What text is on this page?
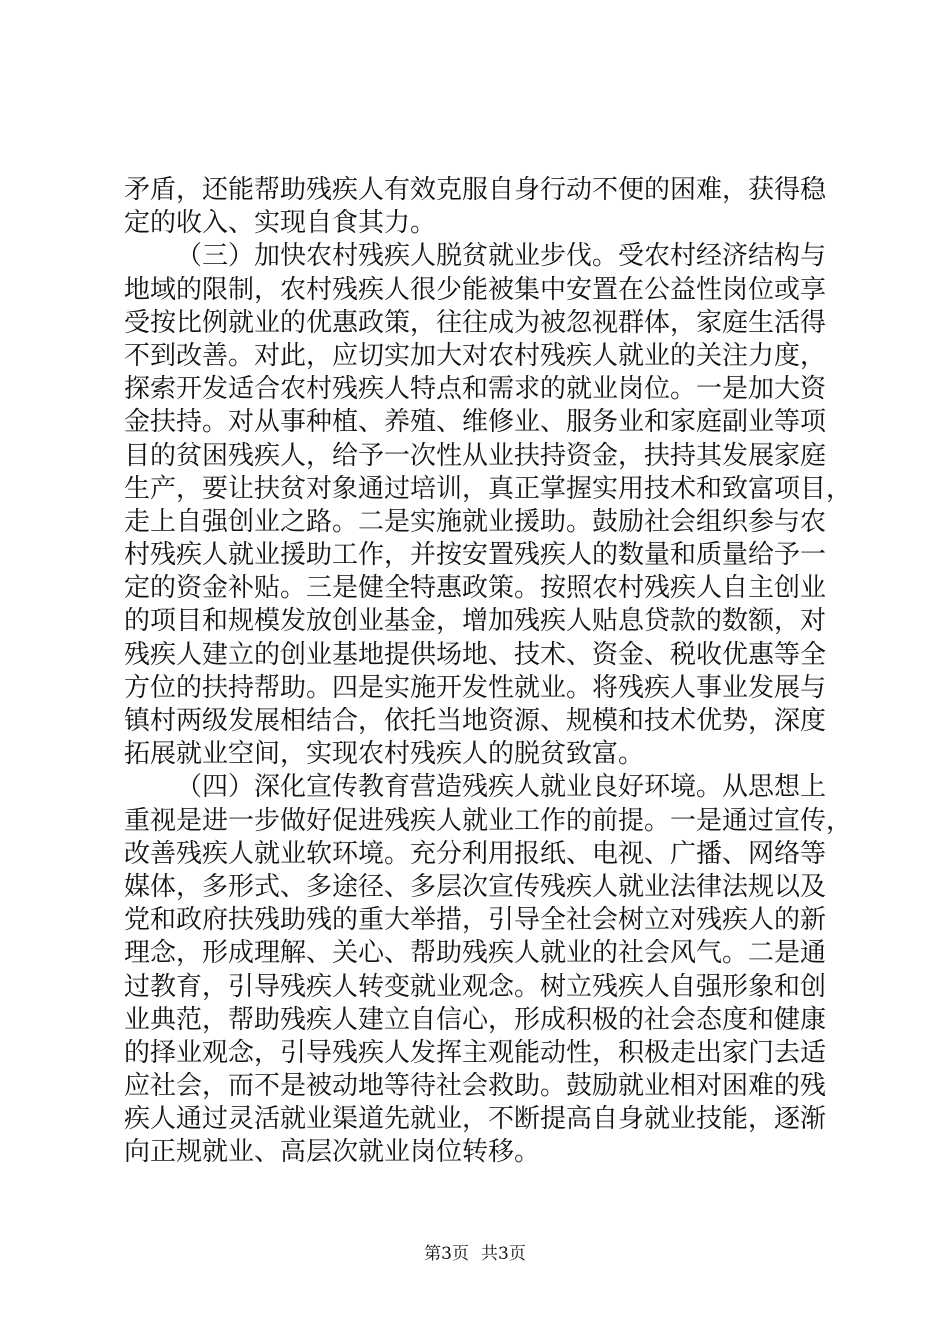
矛盾，还能帮助残疾人有效克服自身行动不便的困难，获得稳
定的收入、实现自食其力。
（三）加快农村残疾人脱贫就业步伐。受农村经济结构与
地域的限制，农村残疾人很少能被集中安置在公益性岗位或享
受按比例就业的优惠政策，往往成为被忽视群体，家庭生活得
不到改善。对此，应切实加大对农村残疾人就业的关注力度，
探索开发适合农村残疾人特点和需求的就业岗位。一是加大资
金扶持。对从事种植、养殖、维修业、服务业和家庭副业等项
目的贫困残疾人，给予一次性从业扶持资金，扶持其发展家庭
生产，要让扶贫对象通过培训，真正掌握实用技术和致富项目，
走上自强创业之路。二是实施就业援助。鼓励社会组织参与农
村残疾人就业援助工作，并按安置残疾人的数量和质量给予一
定的资金补贴。三是健全特惠政策。按照农村残疾人自主创业
的项目和规模发放创业基金，增加残疾人贴息贷款的数额，对
残疾人建立的创业基地提供场地、技术、资金、税收优惠等全
方位的扶持帮助。四是实施开发性就业。将残疾人事业发展与
镇村两级发展相结合，依托当地资源、规模和技术优势，深度
拓展就业空间，实现农村残疾人的脱贫致富。
（四）深化宣传教育营造残疾人就业良好环境。从思想上
重视是进一步做好促进残疾人就业工作的前提。一是通过宣传，
改善残疾人就业软环境。充分利用报纸、电视、广播、网络等
媒体，多形式、多途径、多层次宣传残疾人就业法律法规以及
党和政府扶残助残的重大举措，引导全社会树立对残疾人的新
理念，形成理解、关心、帮助残疾人就业的社会风气。二是通
过教育，引导残疾人转变就业观念。树立残疾人自强形象和创
业典范，帮助残疾人建立自信心，形成积极的社会态度和健康
的择业观念，引导残疾人发挥主观能动性，积极走出家门去适
应社会，而不是被动地等待社会救助。鼓励就业相对困难的残
疾人通过灵活就业渠道先就业，不断提高自身就业技能，逐渐
向正规就业、高层次就业岗位转移。
第3页 共3页
